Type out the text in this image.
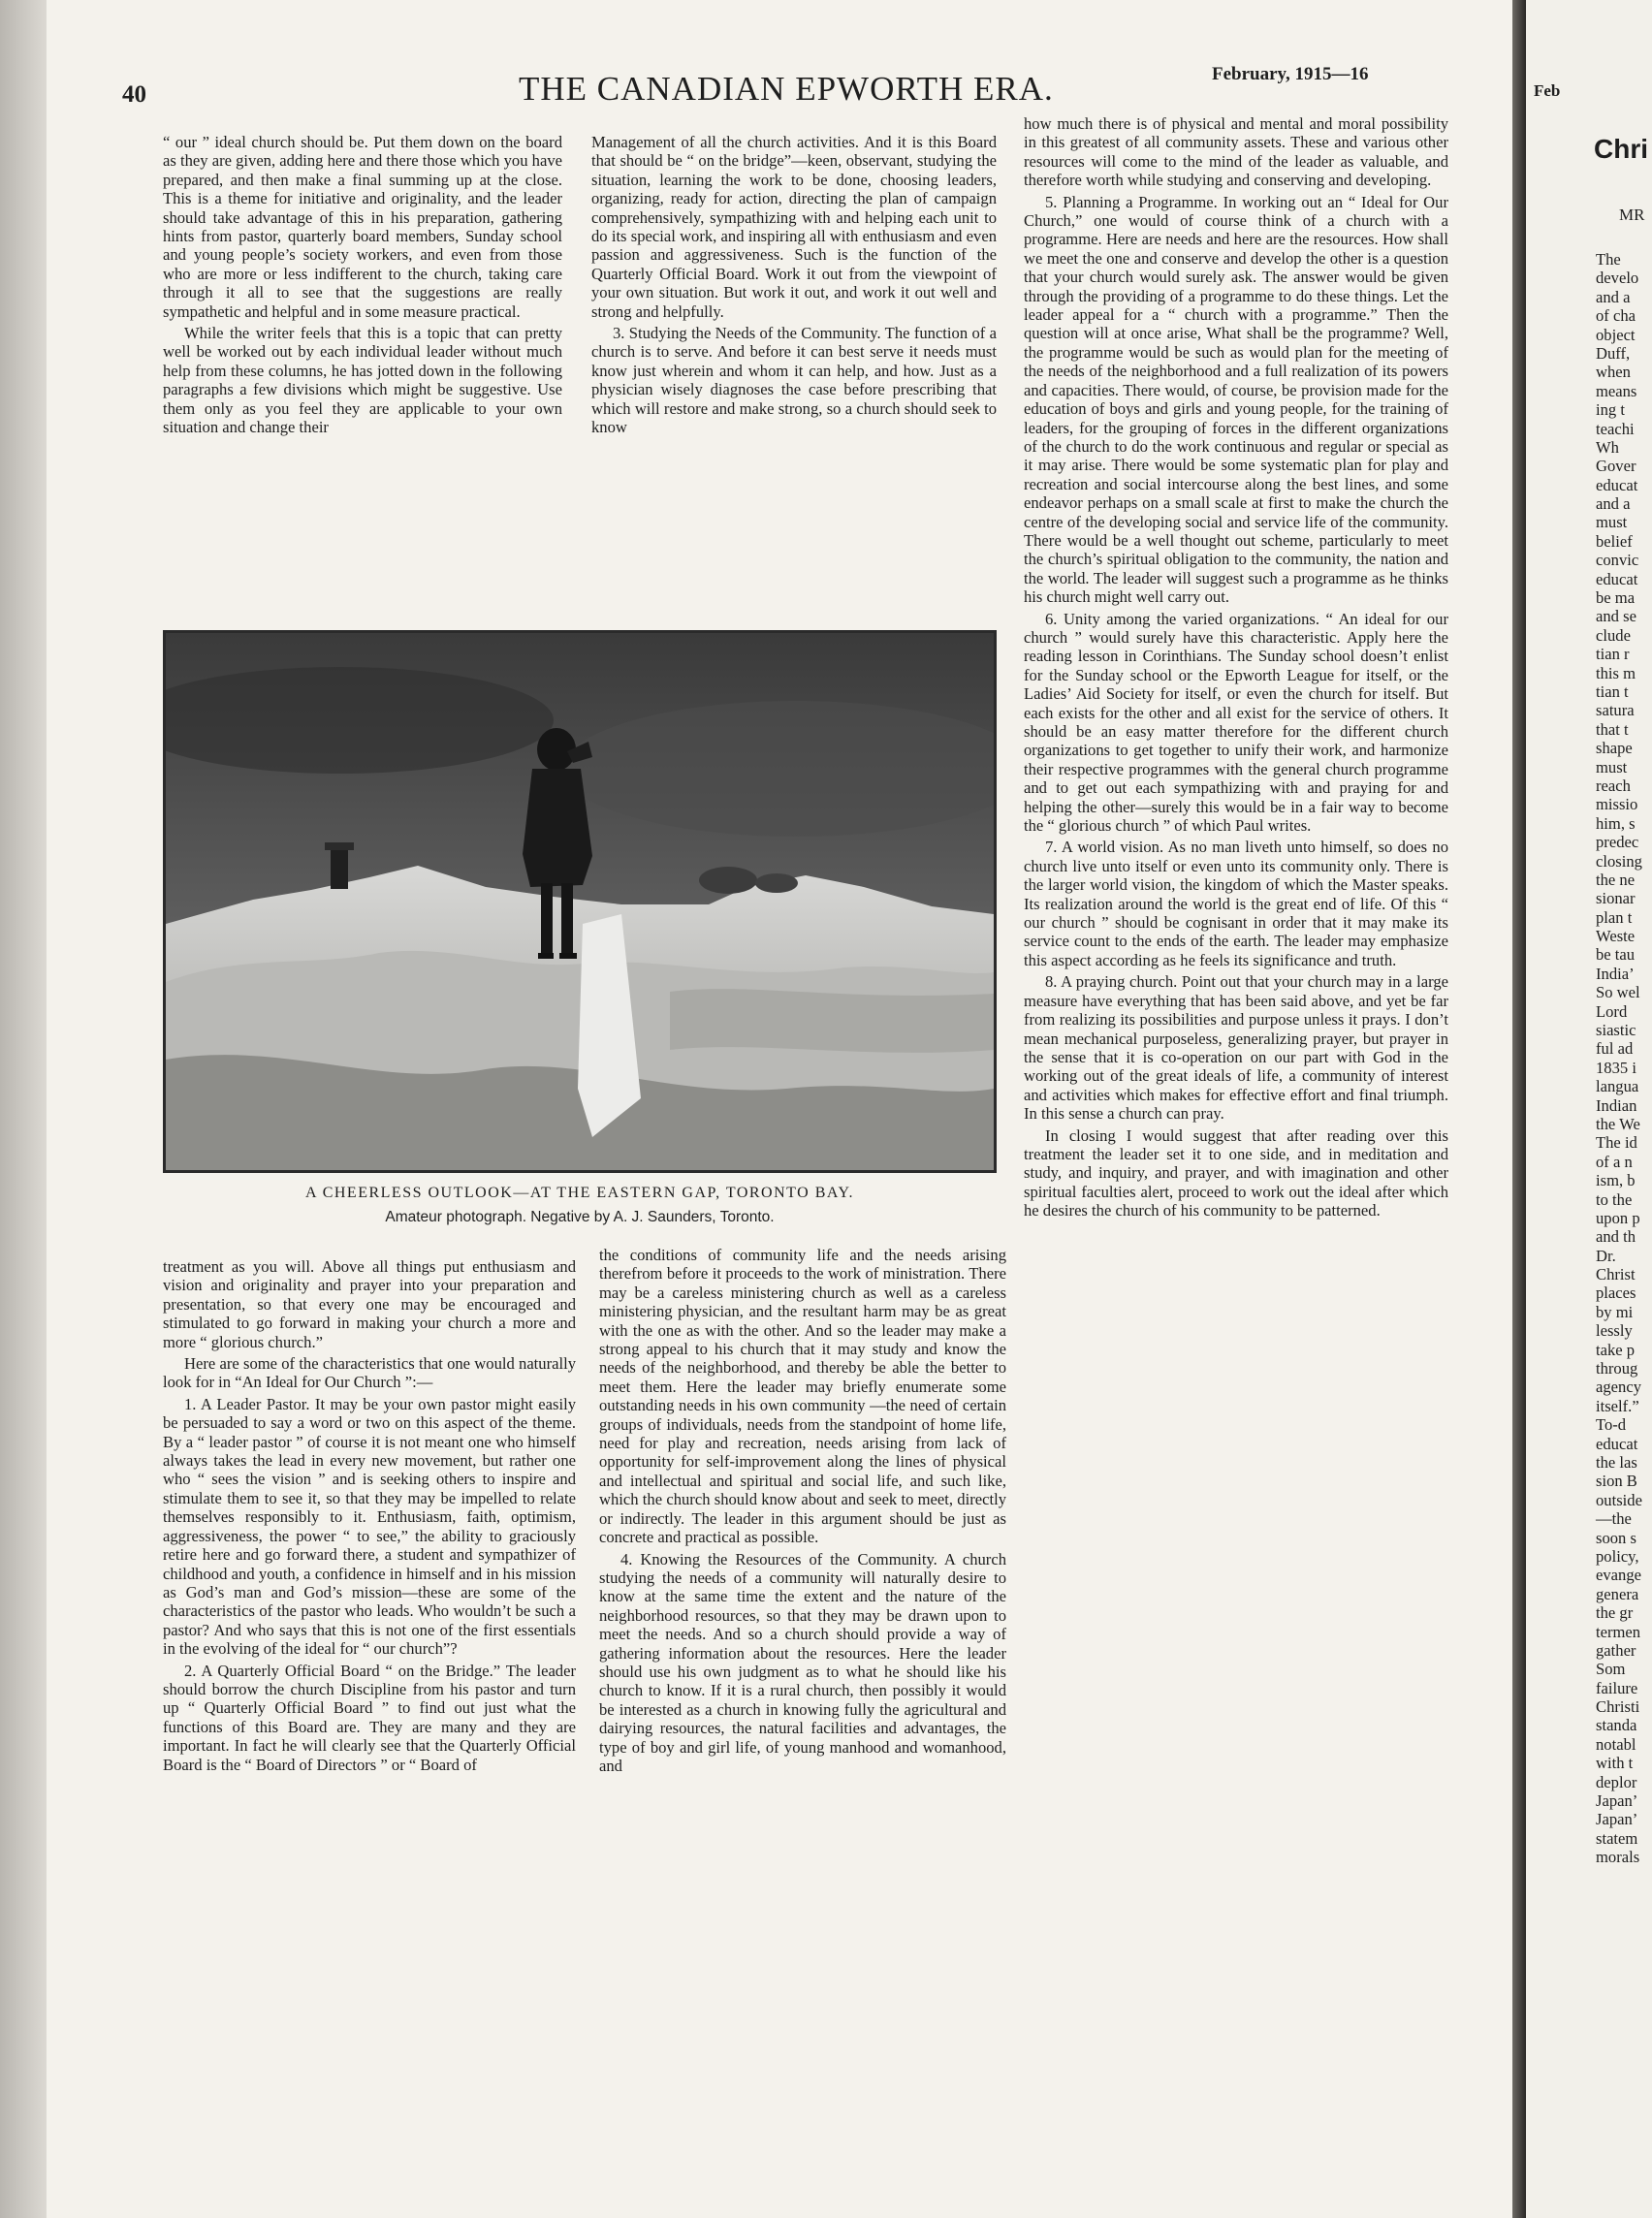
40	THE CANADIAN EPWORTH ERA.	February, 1915—16

“ our ” ideal church should be. Put them down on the board as they are given, adding here and there those which you have prepared, and then make a final summing up at the close. This is a theme for initiative and originality, and the leader should take advantage of this in his preparation, gathering hints from pastor, quarterly board members, Sunday school and young people’s society workers, and even from those who are more or less indifferent to the church, taking care through it all to see that the suggestions are really sympathetic and helpful and in some measure practical.

While the writer feels that this is a topic that can pretty well be worked out by each individual leader without much help from these columns, he has jotted down in the following paragraphs a few divisions which might be suggestive. Use them only as you feel they are applicable to your own situation and change their

Management of all the church activities. And it is this Board that should be “ on the bridge”—keen, observant, studying the situation, learning the work to be done, choosing leaders, organizing, ready for action, directing the plan of campaign comprehensively, sympathizing with and helping each unit to do its special work, and inspiring all with enthusiasm and even passion and aggressiveness. Such is the function of the Quarterly Official Board. Work it out from the viewpoint of your own situation. But work it out, and work it out well and strong and helpfully.

3. Studying the Needs of the Community. The function of a church is to serve. And before it can best serve it needs must know just wherein and whom it can help, and how. Just as a physician wisely diagnoses the case before prescribing that which will restore and make strong, so a church should seek to know

how much there is of physical and mental and moral possibility in this greatest of all community assets. These and various other resources will come to the mind of the leader as valuable, and therefore worth while studying and conserving and developing.

5. Planning a Programme. In working out an “ Ideal for Our Church,” one would of course think of a church with a programme. Here are needs and here are the resources. How shall we meet the one and conserve and develop the other is a question that your church would surely ask. The answer would be given through the providing of a programme to do these things. Let the leader appeal for a “ church with a programme.” Then the question will at once arise, What shall be the programme? Well, the programme would be such as would plan for the meeting of the needs of the neighborhood and a full realization of its powers and capacities. There would, of course, be provision made for the education of boys and girls and young people, for the training of leaders, for the grouping of forces in the different organizations of the church to do the work continuous and regular or special as it may arise. There would be some systematic plan for play and recreation and social intercourse along the best lines, and some endeavor perhaps on a small scale at first to make the church the centre of the developing social and service life of the community. There would be a well thought out scheme, particularly to meet the church’s spiritual obligation to the community, the nation and the world. The leader will suggest such a programme as he thinks his church might well carry out.

6. Unity among the varied organizations. “ An ideal for our church ” would surely have this characteristic. Apply here the reading lesson in Corinthians. The Sunday school doesn’t enlist for the Sunday school or the Epworth League for itself, or the Ladies’ Aid Society for itself, or even the church for itself. But each exists for the other and all exist for the service of others. It should be an easy matter therefore for the different church organizations to get together to unify their work, and harmonize their respective programmes with the general church programme and to get out each sympathizing with and praying for and helping the other—surely this would be in a fair way to become the “ glorious church ” of which Paul writes.

7. A world vision. As no man liveth unto himself, so does no church live unto itself or even unto its community only. There is the larger world vision, the kingdom of which the Master speaks. Its realization around the world is the great end of life. Of this “ our church ” should be cognisant in order that it may make its service count to the ends of the earth. The leader may emphasize this aspect according as he feels its significance and truth.

8. A praying church. Point out that your church may in a large measure have everything that has been said above, and yet be far from realizing its possibilities and purpose unless it prays. I don’t mean mechanical purposeless, generalizing prayer, but prayer in the sense that it is co-operation on our part with God in the working out of the great ideals of life, a community of interest and activities which makes for effective effort and final triumph. In this sense a church can pray.

In closing I would suggest that after reading over this treatment the leader set it to one side, and in meditation and study, and inquiry, and prayer, and with imagination and other spiritual faculties alert, proceed to work out the ideal after which he desires the church of his community to be patterned.

A CHEERLESS OUTLOOK—AT THE EASTERN GAP, TORONTO BAY.
Amateur photograph. Negative by A. J. Saunders, Toronto.

treatment as you will. Above all things put enthusiasm and vision and originality and prayer into your preparation and presentation, so that every one may be encouraged and stimulated to go forward in making your church a more and more “ glorious church.”

Here are some of the characteristics that one would naturally look for in “An Ideal for Our Church ”:—

1. A Leader Pastor. It may be your own pastor might easily be persuaded to say a word or two on this aspect of the theme. By a “ leader pastor ” of course it is not meant one who himself always takes the lead in every new movement, but rather one who “ sees the vision ” and is seeking others to inspire and stimulate them to see it, so that they may be impelled to relate themselves responsibly to it. Enthusiasm, faith, optimism, aggressiveness, the power “ to see,” the ability to graciously retire here and go forward there, a student and sympathizer of childhood and youth, a confidence in himself and in his mission as God’s man and God’s mission—these are some of the characteristics of the pastor who leads. Who wouldn’t be such a pastor? And who says that this is not one of the first essentials in the evolving of the ideal for “ our church”?

2. A Quarterly Official Board “ on the Bridge.” The leader should borrow the church Discipline from his pastor and turn up “ Quarterly Official Board ” to find out just what the functions of this Board are. They are many and they are important. In fact he will clearly see that the Quarterly Official Board is the “ Board of Directors ” or “ Board of

the conditions of community life and the needs arising therefrom before it proceeds to the work of ministration. There may be a careless ministering church as well as a careless ministering physician, and the resultant harm may be as great with the one as with the other. And so the leader may make a strong appeal to his church that it may study and know the needs of the neighborhood, and thereby be able the better to meet them. Here the leader may briefly enumerate some outstanding needs in his own community —the need of certain groups of individuals, needs from the standpoint of home life, need for play and recreation, needs arising from lack of opportunity for self-improvement along the lines of physical and intellectual and spiritual and social life, and such like, which the church should know about and seek to meet, directly or indirectly. The leader in this argument should be just as concrete and practical as possible.

4. Knowing the Resources of the Community. A church studying the needs of a community will naturally desire to know at the same time the extent and the nature of the neighborhood resources, so that they may be drawn upon to meet the needs. And so a church should provide a way of gathering information about the resources. Here the leader should use his own judgment as to what he should like his church to know. If it is a rural church, then possibly it would be interested as a church in knowing fully the agricultural and dairying resources, the natural facilities and advantages, the type of boy and girl life, of young manhood and womanhood, and

Feb
Chri
MR
The
develo
and a
of cha
object
Duff,
when
means
ing t
teachi
Wh
Gover
educat
and a
must
belief
convic
educat
be ma
and se
clude
tian r
this m
tian t
satura
that t
shape
must
reach
missio
him, s
predec
closing
the ne
sionar
plan t
Weste
be tau
India’
So wel
Lord
siastic
ful ad
1835 i
langua
Indian
the We
The id
of a n
ism, b
to the
upon p
and th
Dr.
Christ
places
by mi
lessly
take p
throug
agency
itself.”
To-d
educat
the las
sion B
outside
—the
soon s
policy,
evange
genera
the gr
termen
gather
Som
failure
Christi
standa
notabl
with t
deplor
Japan’
Japan’
statem
morals
